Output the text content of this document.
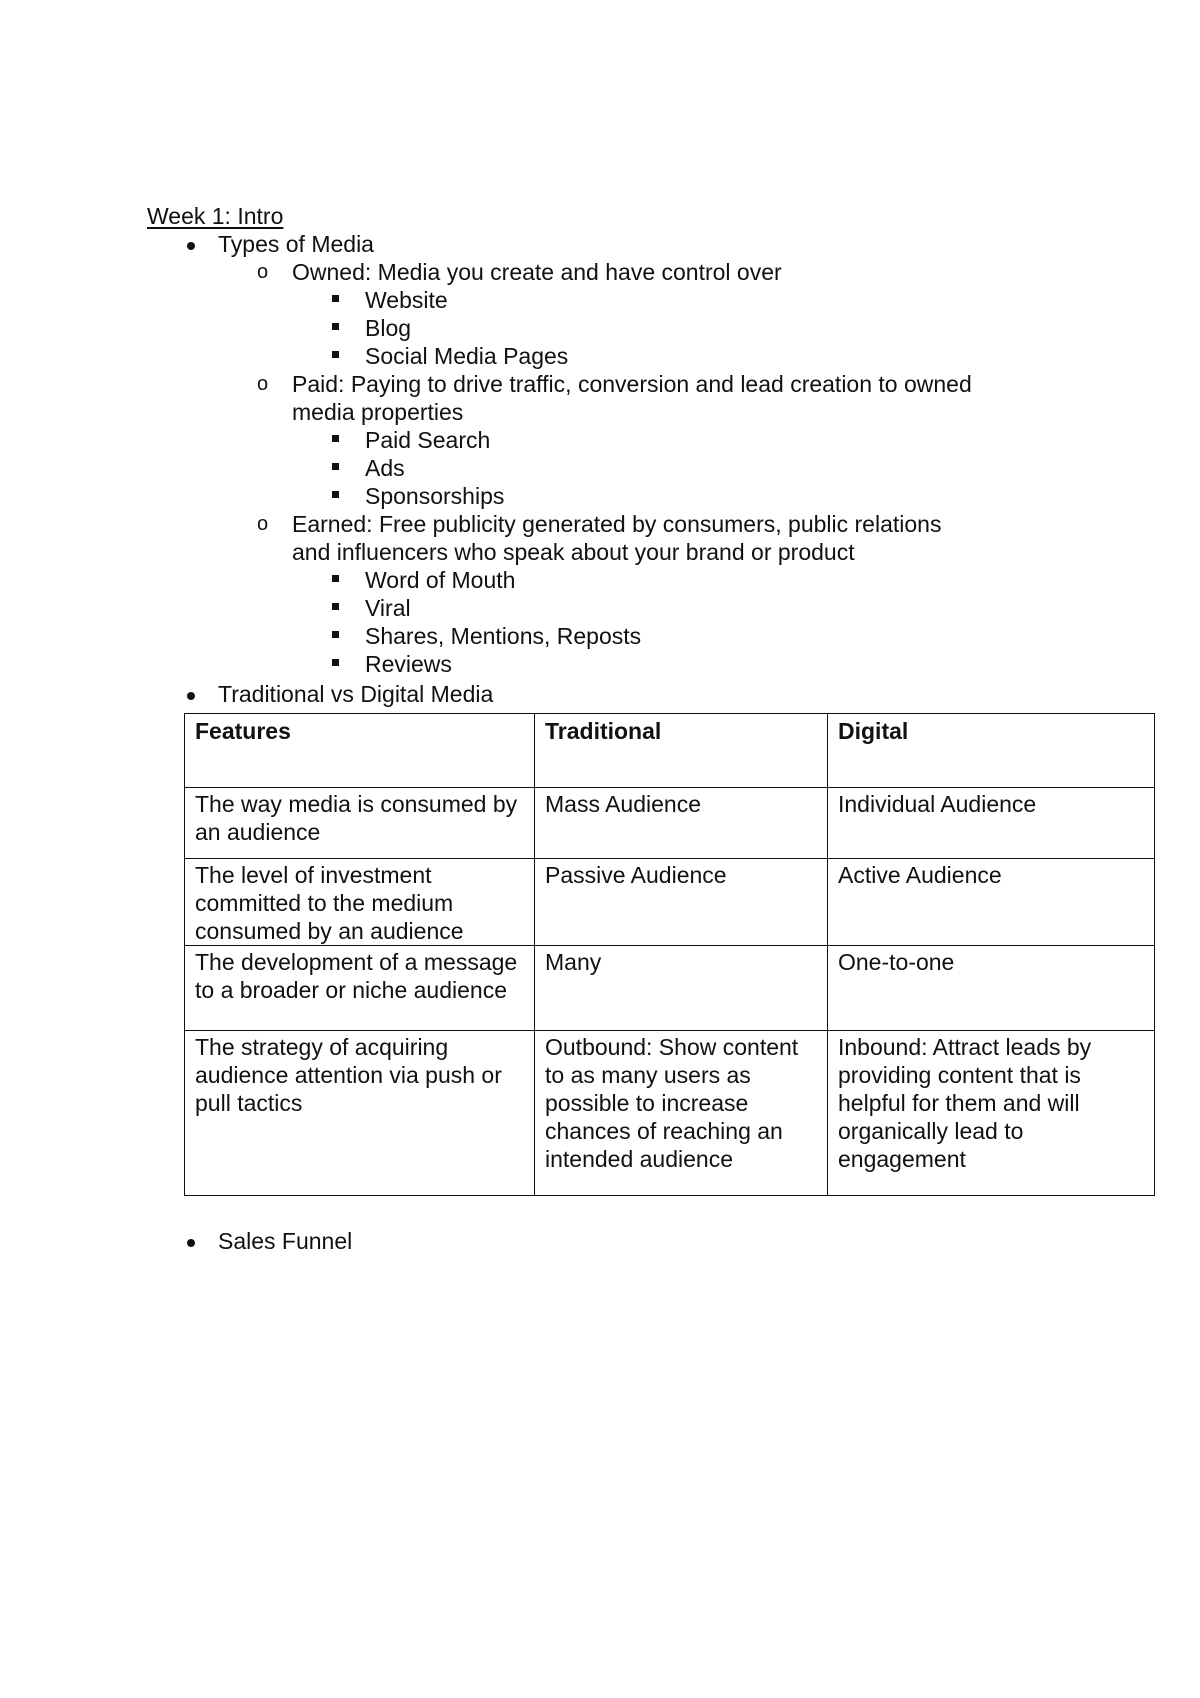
Week 1: Intro
Types of Media
o Owned: Media you create and have control over
Website
Blog
Social Media Pages
o Paid: Paying to drive traffic, conversion and lead creation to owned
media properties
Paid Search
Ads
Sponsorships
o Earned: Free publicity generated by consumers, public relations
and influencers who speak about your brand or product
Word of Mouth
Viral
Shares, Mentions, Reposts
Reviews
Traditional vs Digital Media
Features	Traditional	Digital
The way media is consumed by an audience	Mass Audience	Individual Audience
The level of investment committed to the medium consumed by an audience	Passive Audience	Active Audience
The development of a message to a broader or niche audience	Many	One-to-one
The strategy of acquiring audience attention via push or pull tactics	Outbound: Show content to as many users as possible to increase chances of reaching an intended audience	Inbound: Attract leads by providing content that is helpful for them and will organically lead to engagement
Sales Funnel
